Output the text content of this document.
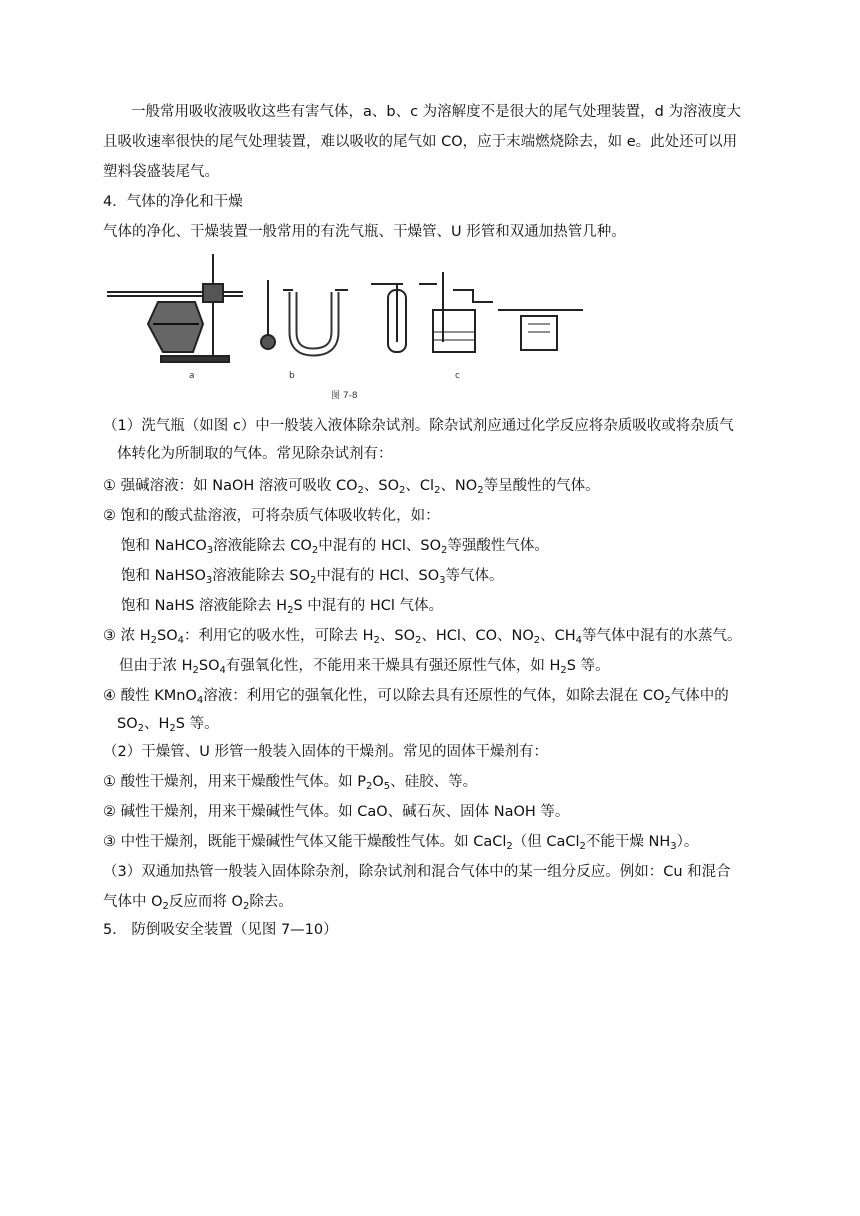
一般常用吸收液吸收这些有害气体，a、b、c 为溶解度不是很大的尾气处理装置，d 为溶液度大
且吸收速率很快的尾气处理装置，难以吸收的尾气如 CO，应于末端燃烧除去，如 e。此处还可以用
塑料袋盛装尾气。
4．气体的净化和干燥
气体的净化、干燥装置一般常用的有洗气瓶、干燥管、U 形管和双通加热管几种。
a	b	c
图 7-8
（1）洗气瓶（如图 c）中一般装入液体除杂试剂。除杂试剂应通过化学反应将杂质吸收或将杂质气
体转化为所制取的气体。常见除杂试剂有：
① 强碱溶液：如 NaOH 溶液可吸收 $CO_2$、$SO_2$、$Cl_2$、$NO_2$等呈酸性的气体。
② 饱和的酸式盐溶液，可将杂质气体吸收转化，如：
饱和 NaHCO$_3$溶液能除去 $CO_2$中混有的 HCl、$SO_2$等强酸性气体。
饱和 NaHSO$_3$溶液能除去 $SO_2$中混有的 HCl、$SO_3$等气体。
饱和 NaHS 溶液能除去 $H_2S$ 中混有的 HCl 气体。
③ 浓 $H_2SO_4$：利用它的吸水性，可除去 $H_2$、$SO_2$、HCl、CO、$NO_2$、$CH_4$等气体中混有的水蒸气。
但由于浓 $H_2SO_4$有强氧化性，不能用来干燥具有强还原性气体，如 $H_2S$ 等。
④ 酸性 KMnO$_4$溶液：利用它的强氧化性，可以除去具有还原性的气体，如除去混在 $CO_2$气体中的
$SO_2$、$H_2S$ 等。
（2）干燥管、U 形管一般装入固体的干燥剂。常见的固体干燥剂有：
① 酸性干燥剂，用来干燥酸性气体。如 $P_2O_5$、硅胶、等。
② 碱性干燥剂，用来干燥碱性气体。如 CaO、碱石灰、固体 NaOH 等。
③ 中性干燥剂，既能干燥碱性气体又能干燥酸性气体。如 CaCl$_2$（但 CaCl$_2$不能干燥 $NH_3$）。
（3）双通加热管一般装入固体除杂剂，除杂试剂和混合气体中的某一组分反应。例如：Cu 和混合
气体中 $O_2$反应而将 $O_2$除去。
5． 防倒吸安全装置（见图 7—10）
